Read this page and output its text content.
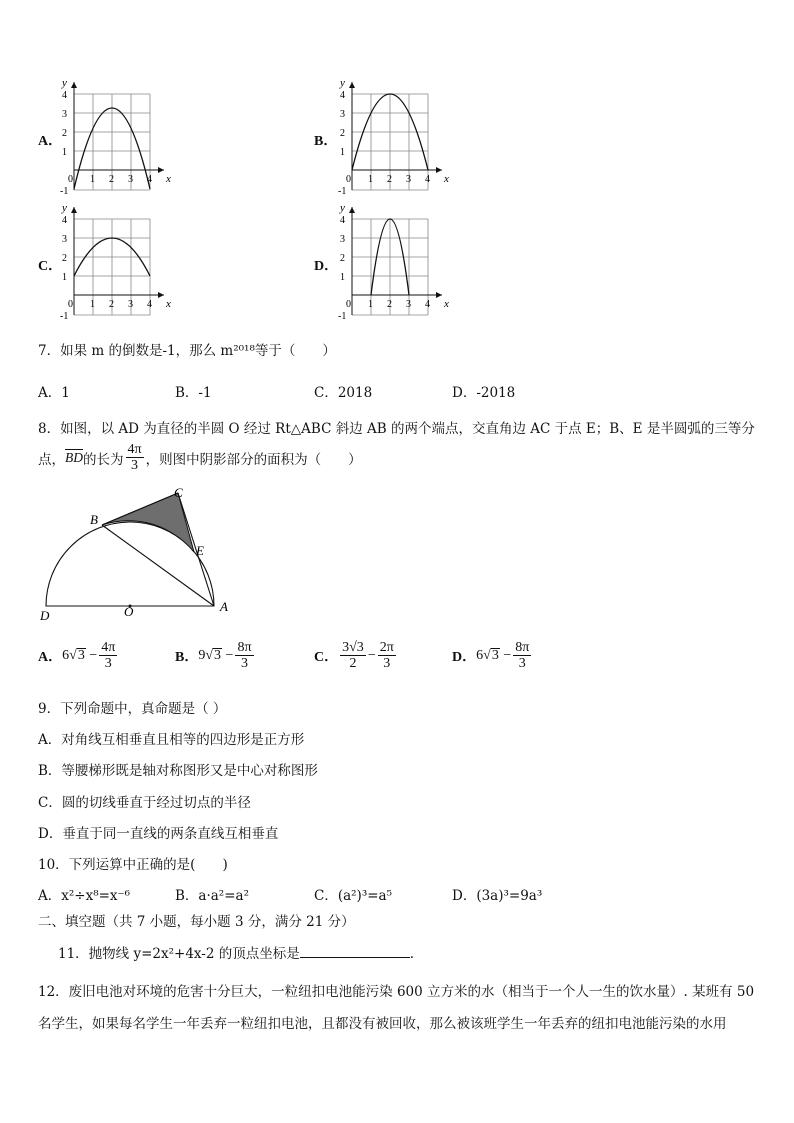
A．
y
x
4
3
2
1
-1
0 1 2 3 4
B．
y
x
4
3
2
1
-1
0 1 2 3 4
C．
y
x
4
3
2
1
-1
0 1 2 3 4
D．
y
x
4
3
2
1
-1
0 1 2 3 4
7．如果 m 的倒数是-1，那么 m²⁰¹⁸等于（　　）
A．1	B．-1	C．2018	D．-2018
8．如图，以 AD 为直径的半圆 O 经过 Rt△ABC 斜边 AB 的两个端点，交直角边 AC 于点 E；B、E 是半圆弧的三等分
点， $\overline{BD}$ 的长为 $\frac{4\pi}{3}$ ，则图中阴影部分的面积为（　　）
C
B
E
D	O	A
A． 6 √ $3 - \frac{4\pi}{3}$	B． 9 √ $3 - \frac{8\pi}{3}$	C． $\frac{3√3}{2} - \frac{2\pi}{3}$	D． 6 √ $3 - \frac{8\pi}{3}$
9．下列命题中，真命题是（ ）
A．对角线互相垂直且相等的四边形是正方形
B．等腰梯形既是轴对称图形又是中心对称图形
C．圆的切线垂直于经过切点的半径
D．垂直于同一直线的两条直线互相垂直
10．下列运算中正确的是(　　)
A．x²÷x⁸=x⁻⁶	B．a·a²=a²	C．(a²)³=a⁵	D．(3a)³=9a³
二、填空题（共 7 小题，每小题 3 分，满分 21 分）
11．抛物线 y=2x²+4x-2 的顶点坐标是	.
12．废旧电池对环境的危害十分巨大，一粒纽扣电池能污染 600 立方米的水（相当于一个人一生的饮水量）. 某班有 50
名学生，如果每名学生一年丢弃一粒纽扣电池，且都没有被回收，那么被该班学生一年丢弃的纽扣电池能污染的水用
